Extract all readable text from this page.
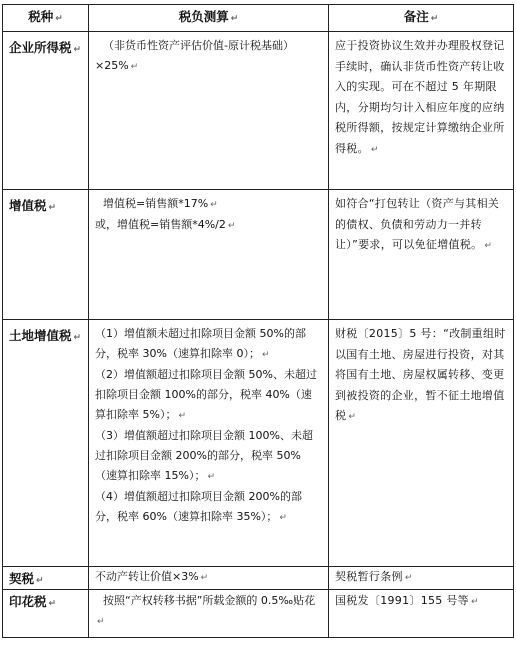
税种 ↵	税负测算 ↵	备注 ↵
企业所得税 ↵	（非货币性资产评估价值-原计税基础）×25% ↵	应于投资协议生效并办理股权登记手续时，确认非货币性资产转让收入的实现。可在不超过 5 年期限内，分期均匀计入相应年度的应纳税所得额，按规定计算缴纳企业所得税。 ↵

增值税 ↵	增值税=销售额*17% ↵
或，增值税=销售额*4%/2 ↵	如符合“打包转让（资产与其相关的债权、负债和劳动力一并转让）”要求，可以免征增值税。 ↵

土地增值税 ↵	（1）增值额未超过扣除项目金额 50%的部分，税率 30%（速算扣除率 0）； ↵
（2）增值额超过扣除项目金额 50%、未超过扣除项目金额 100%的部分，税率 40%（速算扣除率 5%）； ↵
（3）增值额超过扣除项目金额 100%、未超过扣除项目金额 200%的部分，税率 50%（速算扣除率 15%）； ↵
（4）增值额超过扣除项目金额 200%的部分，税率 60%（速算扣除率 35%）； ↵	财税〔2015〕5 号：“改制重组时以国有土地、房屋进行投资，对其将国有土地、房屋权属转移、变更到被投资的企业，暂不征土地增值税 ↵

契税 ↵	不动产转让价值×3% ↵	契税暂行条例 ↵

印花税 ↵	按照“产权转移书据”所载金额的 0.5‰贴花↵	国税发〔1991〕155 号等 ↵
